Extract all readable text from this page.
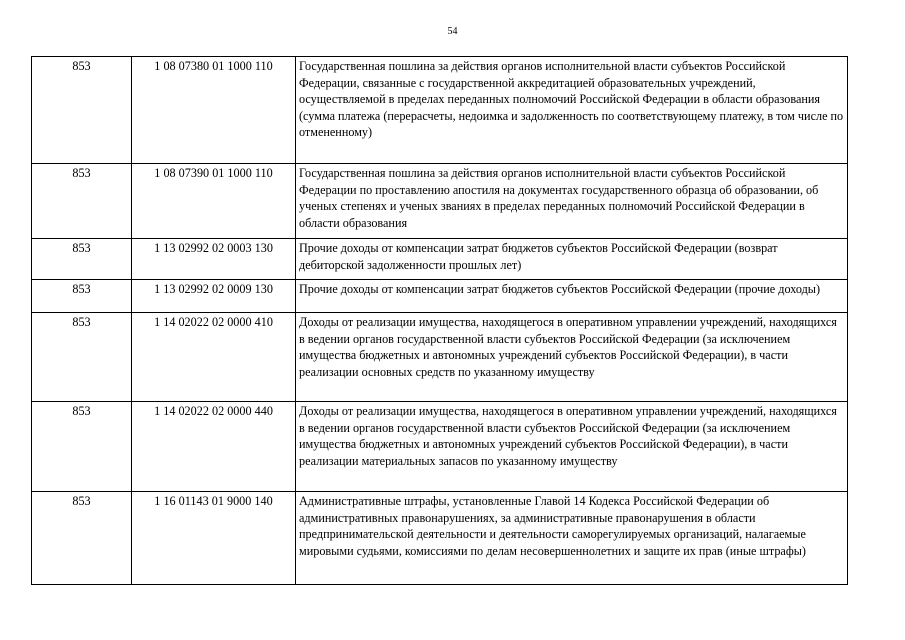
54
853	1 08 07380 01 1000 110	Государственная пошлина за действия органов исполнительной власти субъектов Российской Федерации, связанные с государственной аккредитацией образовательных учреждений, осуществляемой в пределах переданных полномочий Российской Федерации в области образования (сумма платежа (перерасчеты, недоимка и задолженность по соответствующему платежу, в том числе по отмененному)
853	1 08 07390 01 1000 110	Государственная пошлина за действия органов исполнительной власти субъектов Российской Федерации по проставлению апостиля на документах государственного образца об образовании, об ученых степенях и ученых званиях в пределах переданных полномочий Российской Федерации в области образования
853	1 13 02992 02 0003 130	Прочие доходы от компенсации затрат бюджетов субъектов Российской Федерации (возврат дебиторской задолженности прошлых лет)
853	1 13 02992 02 0009 130	Прочие доходы от компенсации затрат бюджетов субъектов Российской Федерации (прочие доходы)
853	1 14 02022 02 0000 410	Доходы от реализации имущества, находящегося в оперативном управлении учреждений, находящихся в ведении органов государственной власти субъектов Российской Федерации (за исключением имущества бюджетных и автономных учреждений субъектов Российской Федерации), в части реализации основных средств по указанному имуществу
853	1 14 02022 02 0000 440	Доходы от реализации имущества, находящегося в оперативном управлении учреждений, находящихся в ведении органов государственной власти субъектов Российской Федерации (за исключением имущества бюджетных и автономных учреждений субъектов Российской Федерации), в части реализации материальных запасов по указанному имуществу
853	1 16 01143 01 9000 140	Административные штрафы, установленные Главой 14 Кодекса Российской Федерации об административных правонарушениях, за административные правонарушения в области предпринимательской деятельности и деятельности саморегулируемых организаций, налагаемые мировыми судьями, комиссиями по делам несовершеннолетних и защите их прав (иные штрафы)
